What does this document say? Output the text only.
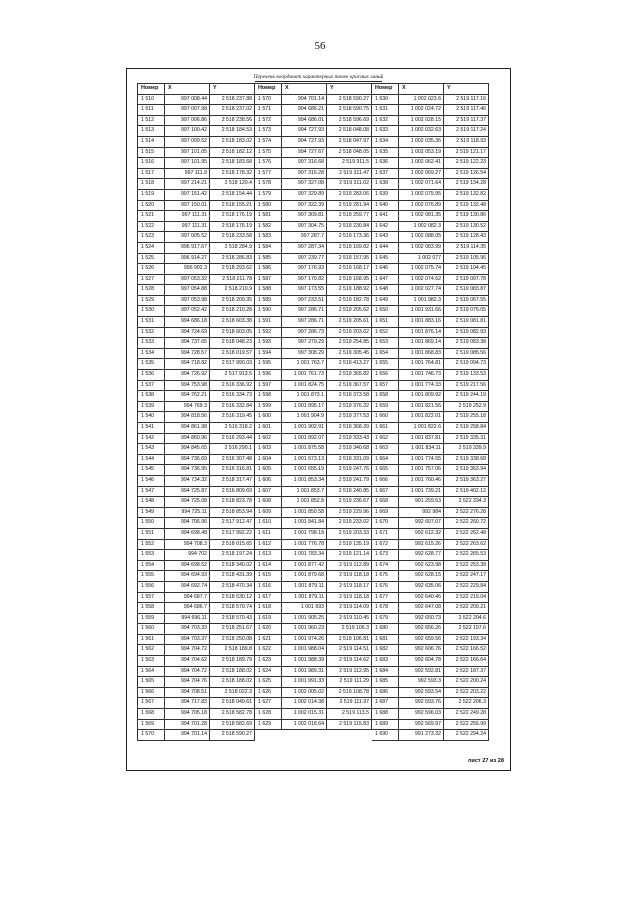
56
Перечень координат характерных точек красных линий
Номер	X	Y	Номер	X	Y	Номер	X	Y
1 510	997 008.44	2 518 237.88	1 570	994 701.14	2 518 590.27	1 630	1 002 023.6	2 519 117.16
1 511	997 007.98	2 518 237.02	1 571	994 686.21	2 518 590.75	1 631	1 002 024.72	2 519 117.46
1 512	997 006.86	2 518 238.56	1 572	994 686.01	2 518 596.69	1 632	1 002 028.15	2 519 117.37
1 513	997 100.42	2 518 184.53	1 573	994 727.93	2 518 048.08	1 633	1 002 032.63	2 519 117.24
1 514	997 099.52	2 518 183.02	1 574	994 727.93	2 518 047.97	1 634	1 002 035.36	2 519 118.93
1 515	997 101.05	2 518 182.12	1 575	994 727.67	2 518 048.05	1 635	1 002 053.19	2 519 121.17
1 516	997 101.95	2 518 183.68	1 576	997 316.68	2 519 311.5	1 636	1 002 062.41	2 519 122.23
1 517	997 111.9	2 518 178.32	1 577	997 316.28	2 519 311.47	1 637	1 002 069.27	2 519 126.54
1 518	997 214.21	2 518 120.4	1 578	997 327.08	2 519 311.02	1 638	1 002 071.64	2 519 134.28
1 519	997 151.42	2 518 154.44	1 579	997 329.89	2 519 283.06	1 639	1 002 075.95	2 519 132.82
1 520	997 150.01	2 518 155.21	1 580	997 322.39	2 519 281.94	1 640	1 002 076.89	2 519 132.48
1 521	997 111.31	2 518 176.19	1 581	997 309.81	2 519 259.77	1 641	1 002 081.35	2 519 130.86
1 522	997 111.31	2 518 176.19	1 582	997 304.75	2 519 230.84	1 642	1 002 082.3	2 519 130.52
1 523	997 005.52	2 518 233.58	1 583	997 287.7	2 519 173.36	1 643	1 002 088.05	2 519 128.43
1 524	996 917.67	2 518 284.9	1 584	997 287.34	2 519 169.82	1 644	1 002 083.99	2 519 114.35
1 525	996 914.27	2 518 286.83	1 585	997 239.77	2 519 157.95	1 645	1 002 077	2 519 105.96
1 526	996 902.3	2 518 293.62	1 586	997 176.93	2 519 168.17	1 646	1 002 075.74	2 519 104.45
1 527	997 053.32	2 518 211.78	1 587	997 170.82	2 519 168.95	1 647	1 002 074.62	2 519 097.78
1 528	997 054.88	2 518 210.9	1 588	997 173.55	2 519 188.92	1 648	1 002 027.74	2 519 083.87
1 529	997 053.98	2 518 209.35	1 589	997 233.51	2 519 182.78	1 649	1 001 982.3	2 519 067.55
1 530	997 052.42	2 518 210.28	1 590	997 286.71	2 519 205.62	1 650	1 001 931.66	2 519 075.05
1 531	994 686.18	2 518 603.38	1 591	997 286.71	2 519 205.61	1 651	1 001 883.16	2 519 081.81
1 532	994 724.69	2 518 603.05	1 592	997 286.73	2 519 203.62	1 652	1 001 876.14	2 519 082.93
1 533	994 737.65	2 518 048.23	1 593	997 279.29	2 519 254.85	1 653	1 001 869.14	2 519 083.38
1 534	994 728.57	2 518 019.57	1 594	997 308.29	2 519 305.45	1 654	1 001 868.83	2 519 085.56
1 535	994 718.82	2 517 990.03	1 595	1 001 763.7	2 519 413.27	1 655	1 001 764.81	2 519 094.73
1 536	994 726.92	2 517 913.5	1 596	1 001 761.73	2 519 365.82	1 656	1 001 746.73	2 519 133.53
1 537	994 753.98	2 516 336.92	1 597	1 001 824.75	2 519 367.57	1 657	1 001 774.33	2 519 217.56
1 538	994 762.21	2 516 334.73	1 598	1 001 873.1	2 519 373.58	1 658	1 001 809.92	2 519 244.19
1 539	994 769.3	2 516 332.84	1 599	1 001 895.17	2 519 376.32	1 659	1 001 821.56	2 519 252.9
1 540	994 818.56	2 516 319.45	1 600	1 001 904.9	2 519 377.53	1 660	1 001 822.01	2 519 255.18
1 541	994 861.98	2 516 318.2	1 601	1 001 902.91	2 519 368.39	1 661	1 001 822.6	2 519 258.84
1 542	994 860.96	2 516 293.44	1 602	1 001 892.07	2 519 333.43	1 662	1 001 837.81	2 519 335.31
1 543	994 845.65	2 516 290.1	1 603	1 001 875.58	2 519 340.68	1 663	1 001 834.11	2 519 339.9
1 544	994 736.69	2 516 307.48	1 604	1 001 673.13	2 519 331.09	1 664	1 001 774.55	2 519 338.68
1 545	994 736.95	2 516 316.81	1 605	1 001 655.19	2 519 247.76	1 665	1 001 757.06	2 519 363.94
1 546	994 734.32	2 518 317.47	1 606	1 001 853.34	2 519 241.79	1 666	1 001 760.46	2 519 363.27
1 547	994 725.87	2 516 809.69	1 607	1 001 853.7	2 519 240.85	1 667	1 001 739.21	2 519 402.12
1 548	994 725.08	2 518 823.78	1 608	1 001 852.8	2 519 236.67	1 668	991 259.53	2 522 334.3
1 549	994 725.11	2 518 853.94	1 609	1 001 850.58	2 519 229.96	1 669	992 984	2 522 276.28
1 550	994 706.96	2 517 912.47	1 610	1 001 841.84	2 519 233.02	1 670	992 607.07	2 522 260.72
1 551	994 698.48	2 517 992.22	1 611	1 001 798.18	2 519 203.33	1 671	992 612.32	2 522 262.48
1 552	994 708.3	2 518 015.65	1 612	1 001 776.78	2 519 135.19	1 672	992 615.26	2 522 263.62
1 553	994 702	2 518 197.24	1 613	1 001 783.34	2 519 121.14	1 673	992 628.77	2 522 265.53
1 554	994 698.52	2 518 340.02	1 614	1 001 877.42	2 519 112.89	1 674	992 623.98	2 522 253.38
1 555	994 694.93	2 518 431.39	1 615	1 001 879.68	2 519 118.18	1 675	992 628.15	2 522 247.17
1 556	994 692.74	2 518 470.34	1 616	1 001 879.11	2 519 118.17	1 676	992 635.06	2 522 229.84
1 557	994 687.7	2 518 530.12	1 617	1 001 879.11	2 519 118.18	1 677	992 640.46	2 522 219.04
1 558	994 686.7	2 518 570.74	1 618	1 001 693	2 519 114.09	1 678	992 647.08	2 522 209.21
1 559	994 696.11	2 518 570.43	1 619	1 001 905.25	2 519 110.45	1 679	992 650.73	2 522 204.6
1 560	994 703.33	2 518 251.67	1 620	1 001 960.23	2 519 106.3	1 680	992 656.26	2 522 197.6
1 561	994 703.37	2 518 250.08	1 621	1 001 974.26	2 519 106.81	1 681	992 659.56	2 522 193.34
1 562	994 704.72	2 518 189.8	1 622	1 001 988.04	2 519 114.51	1 682	992 606.76	2 522 166.52
1 563	994 704.62	2 518 189.79	1 623	1 001 988.39	2 519 114.62	1 683	992 604.78	2 522 166.64
1 564	994 704.72	2 518 188.02	1 624	1 001 989.31	2 519 112.95	1 684	992 592.81	2 522 187.37
1 565	994 704.76	2 518 188.02	1 625	1 001 991.33	2 519 111.29	1 685	992 593.3	2 522 200.24
1 566	994 708.51	2 518 022.3	1 626	1 002 005.02	2 519 108.78	1 686	992 593.54	2 522 203.22
1 567	994 717.83	2 518 049.61	1 627	1 002 014.38	2 519 111.97	1 687	992 593.76	2 522 206.3
1 568	994 705.18	2 518 582.78	1 628	1 002 015.31	2 519 113.5	1 688	992 596.03	2 522 249.28
1 569	994 701.28	2 518 582.69	1 629	1 002 018.64	2 519 115.83	1 689	992 569.97	2 522 256.99
1 570	994 701.14	2 518 590.27				1 690	991 273.32	2 522 294.24
лист 27 из 28
